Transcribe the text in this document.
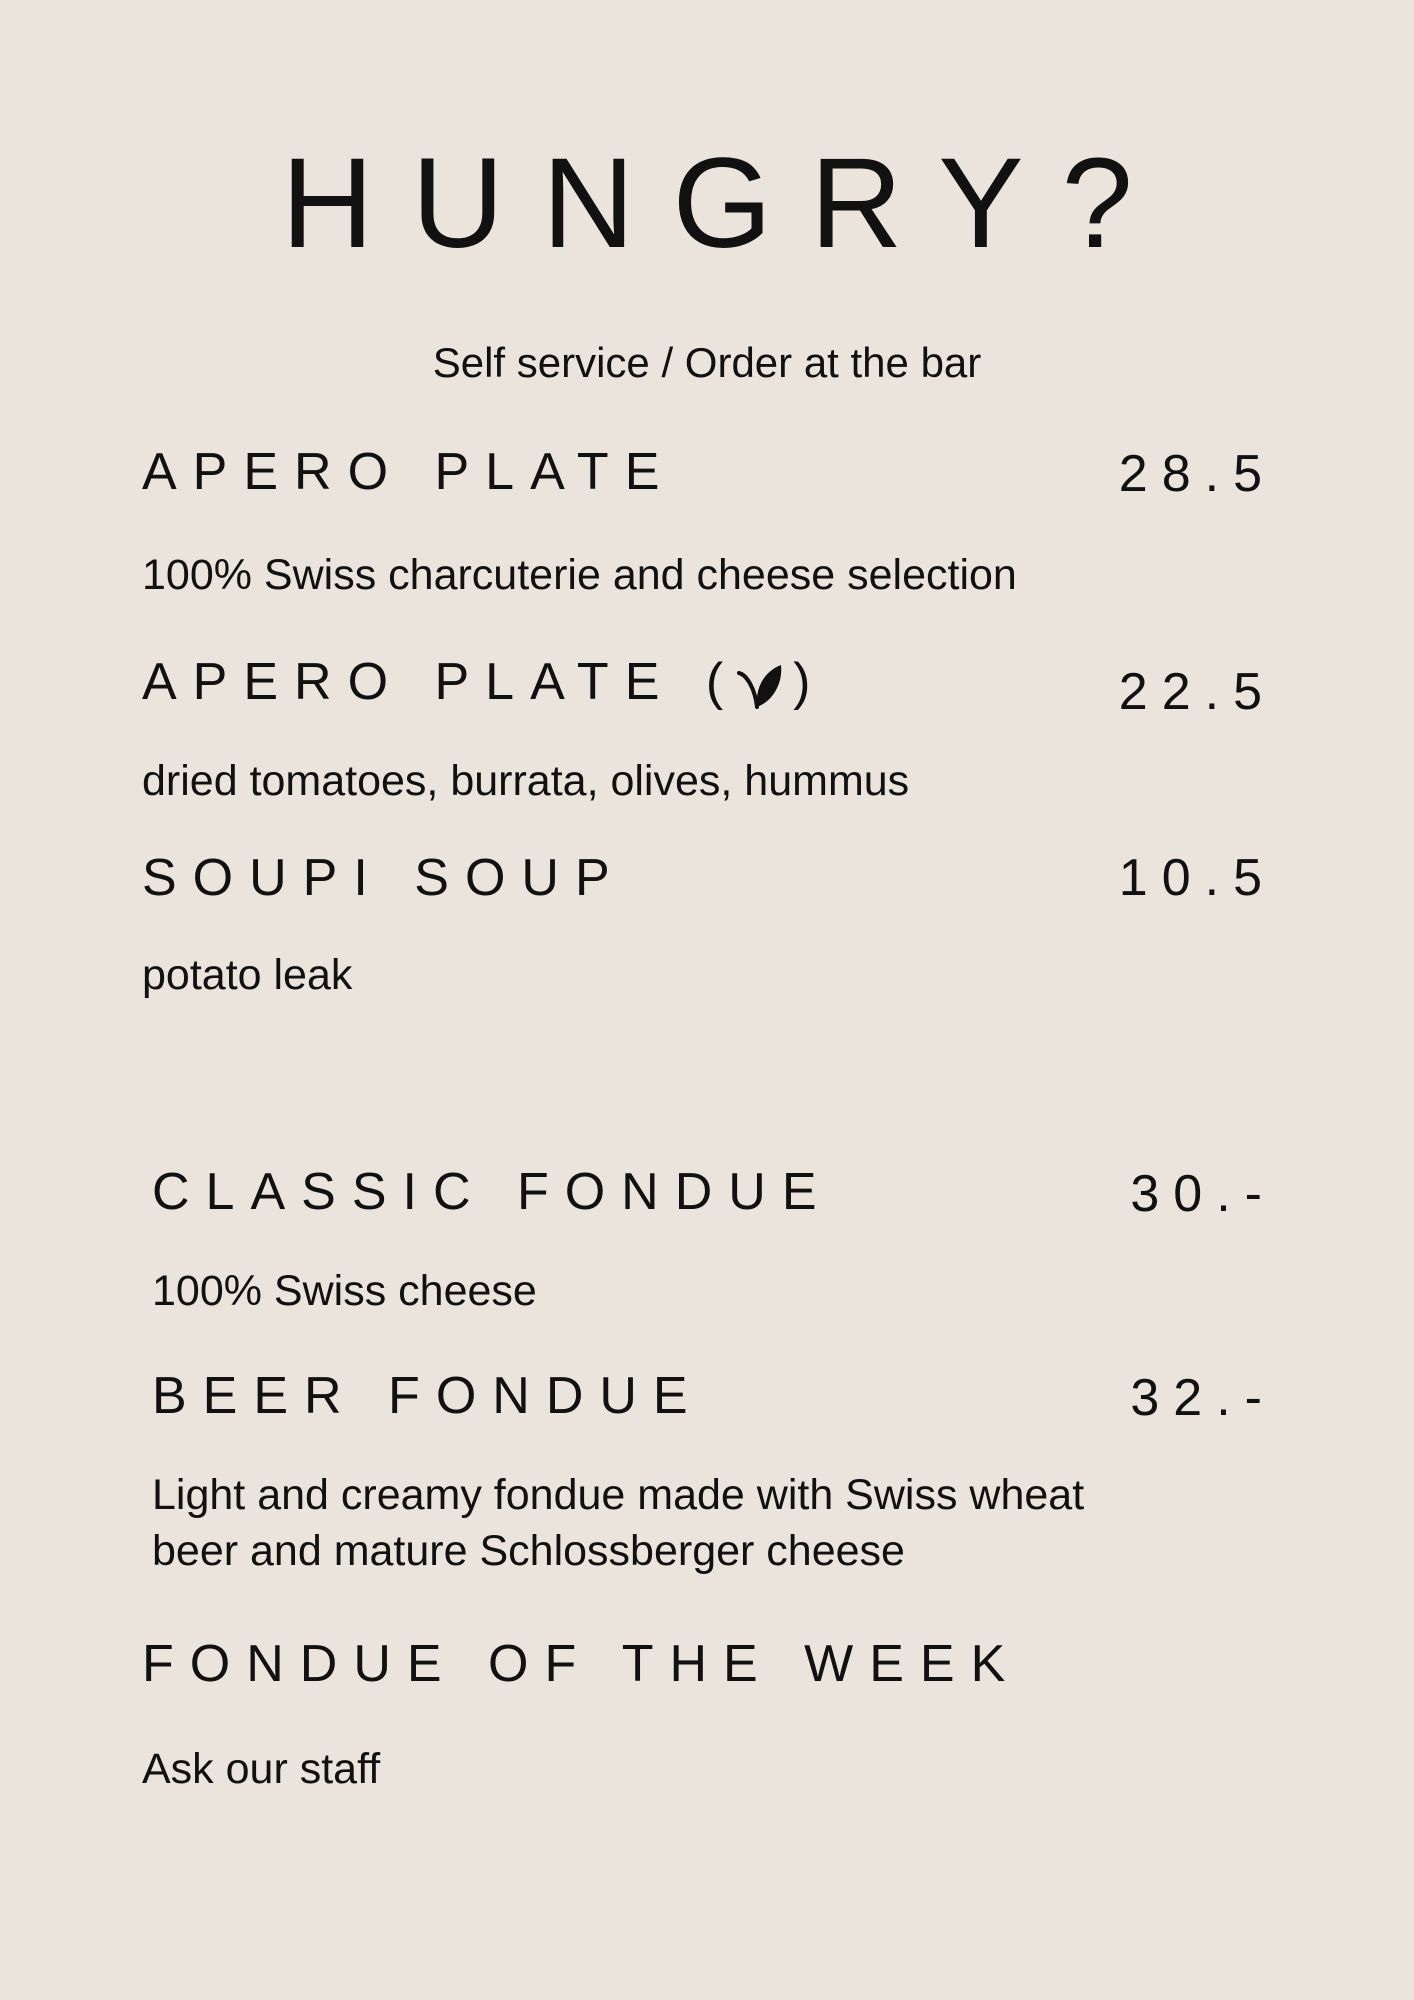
HUNGRY?
Self service / Order at the bar
APERO PLATE	28.5
100% Swiss charcuterie and cheese selection
APERO PLATE ( )	22.5
dried tomatoes, burrata, olives, hummus
SOUPI SOUP	10.5
potato leak
CLASSIC FONDUE	30.-
100% Swiss cheese
BEER FONDUE	32.-
Light and creamy fondue made with Swiss wheat
beer and mature Schlossberger cheese
FONDUE OF THE WEEK
Ask our staff
